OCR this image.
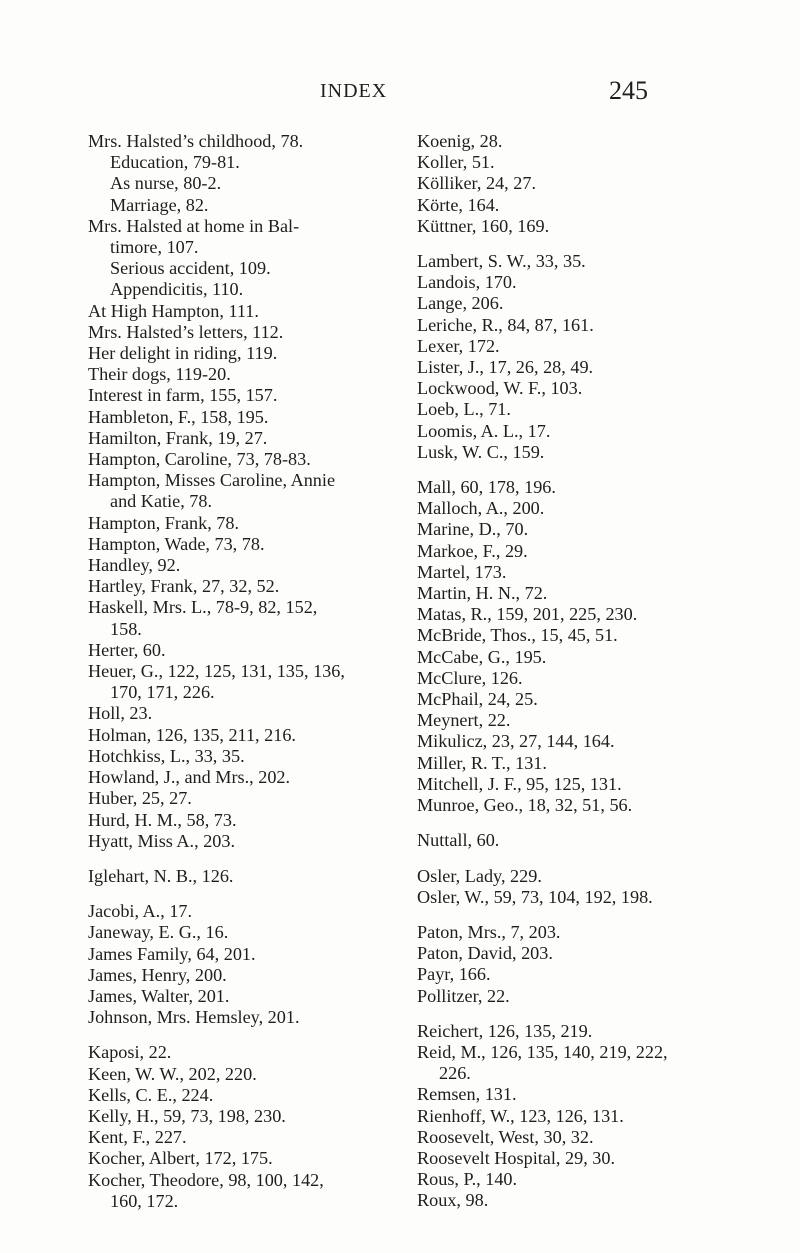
INDEX	245
Mrs. Halsted’s childhood, 78.
Education, 79-81.
As nurse, 80-2.
Marriage, 82.
Mrs. Halsted at home in Bal-
timore, 107.
Serious accident, 109.
Appendicitis, 110.
At High Hampton, 111.
Mrs. Halsted’s letters, 112.
Her delight in riding, 119.
Their dogs, 119-20.
Interest in farm, 155, 157.
Hambleton, F., 158, 195.
Hamilton, Frank, 19, 27.
Hampton, Caroline, 73, 78-83.
Hampton, Misses Caroline, Annie
and Katie, 78.
Hampton, Frank, 78.
Hampton, Wade, 73, 78.
Handley, 92.
Hartley, Frank, 27, 32, 52.
Haskell, Mrs. L., 78-9, 82, 152,
158.
Herter, 60.
Heuer, G., 122, 125, 131, 135, 136,
170, 171, 226.
Holl, 23.
Holman, 126, 135, 211, 216.
Hotchkiss, L., 33, 35.
Howland, J., and Mrs., 202.
Huber, 25, 27.
Hurd, H. M., 58, 73.
Hyatt, Miss A., 203.
Iglehart, N. B., 126.
Jacobi, A., 17.
Janeway, E. G., 16.
James Family, 64, 201.
James, Henry, 200.
James, Walter, 201.
Johnson, Mrs. Hemsley, 201.
Kaposi, 22.
Keen, W. W., 202, 220.
Kells, C. E., 224.
Kelly, H., 59, 73, 198, 230.
Kent, F., 227.
Kocher, Albert, 172, 175.
Kocher, Theodore, 98, 100, 142,
160, 172.
Koenig, 28.
Koller, 51.
Kölliker, 24, 27.
Körte, 164.
Küttner, 160, 169.
Lambert, S. W., 33, 35.
Landois, 170.
Lange, 206.
Leriche, R., 84, 87, 161.
Lexer, 172.
Lister, J., 17, 26, 28, 49.
Lockwood, W. F., 103.
Loeb, L., 71.
Loomis, A. L., 17.
Lusk, W. C., 159.
Mall, 60, 178, 196.
Malloch, A., 200.
Marine, D., 70.
Markoe, F., 29.
Martel, 173.
Martin, H. N., 72.
Matas, R., 159, 201, 225, 230.
McBride, Thos., 15, 45, 51.
McCabe, G., 195.
McClure, 126.
McPhail, 24, 25.
Meynert, 22.
Mikulicz, 23, 27, 144, 164.
Miller, R. T., 131.
Mitchell, J. F., 95, 125, 131.
Munroe, Geo., 18, 32, 51, 56.
Nuttall, 60.
Osler, Lady, 229.
Osler, W., 59, 73, 104, 192, 198.
Paton, Mrs., 7, 203.
Paton, David, 203.
Payr, 166.
Pollitzer, 22.
Reichert, 126, 135, 219.
Reid, M., 126, 135, 140, 219, 222,
226.
Remsen, 131.
Rienhoff, W., 123, 126, 131.
Roosevelt, West, 30, 32.
Roosevelt Hospital, 29, 30.
Rous, P., 140.
Roux, 98.
